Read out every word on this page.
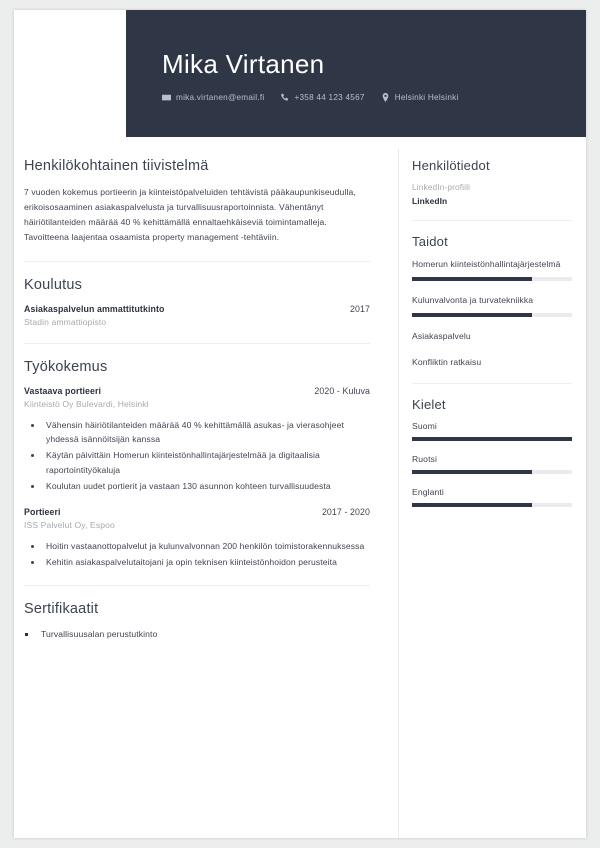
Mika Virtanen
mika.virtanen@email.fi	+358 44 123 4567	Helsinki Helsinki
Henkilökohtainen tiivistelmä

7 vuoden kokemus portieerin ja kiinteistöpalveluiden tehtävistä pääkaupunkiseudulla, erikoisosaaminen asiakaspalvelusta ja turvallisuusraportoinnista. Vähentänyt häiriötilanteiden määrää 40 % kehittämällä ennaltaehkäiseviä toimintamalleja. Tavoitteena laajentaa osaamista property management -tehtäviin.

Koulutus
Asiakaspalvelun ammattitutkinto	2017
Stadin ammattiopisto
Työkokemus
Vastaava portieeri	2020 - Kuluva
Kiinteistö Oy Bulevardi, Helsinki
• Vähensin häiriötilanteiden määrää 40 % kehittämällä asukas- ja vierasohjeet yhdessä isännöitsijän kanssa
• Käytän päivittäin Homerun kiinteistönhallintajärjestelmää ja digitaalisia raportointityökaluja
• Koulutan uudet portierit ja vastaan 130 asunnon kohteen turvallisuudesta
Portieeri	2017 - 2020
ISS Palvelut Oy, Espoo
• Hoitin vastaanottopalvelut ja kulunvalvonnan 200 henkilön toimistorakennuksessa
• Kehitin asiakaspalvelutaitojani ja opin teknisen kiinteistönhoidon perusteita
Sertifikaatit
▪ Turvallisuusalan perustutkinto
Henkilötiedot
LinkedIn-profiili
LinkedIn
Taidot
Homerun kiinteistönhallintajärjestelmä
Kulunvalvonta ja turvatekniikka
Asiakaspalvelu
Konfliktin ratkaisu
Kielet
Suomi
Ruotsi
Englanti
